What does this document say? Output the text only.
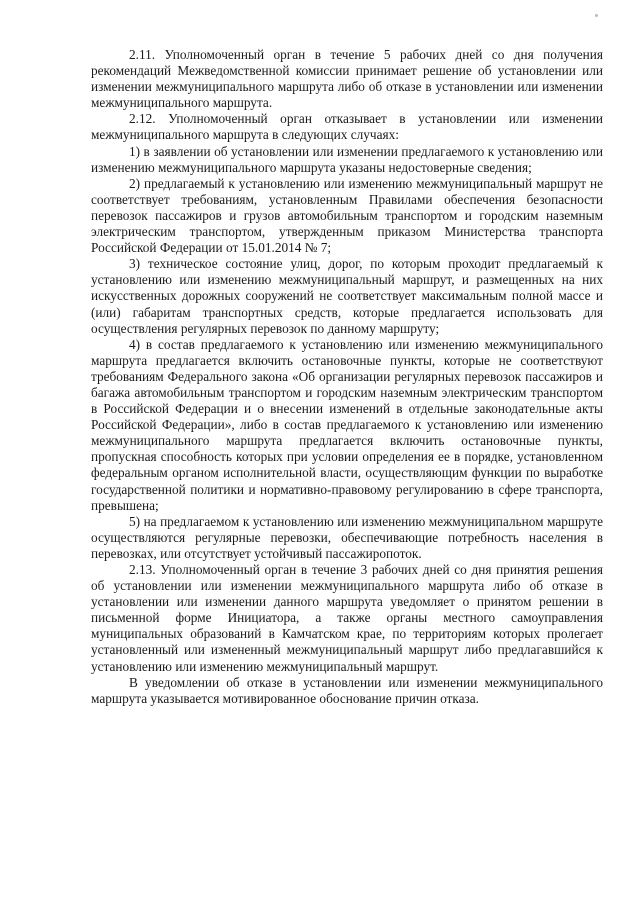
2.11. Уполномоченный орган в течение 5 рабочих дней со дня получения рекомендаций Межведомственной комиссии принимает решение об установлении или изменении межмуниципального маршрута либо об отказе в установлении или изменении межмуниципального маршрута.

2.12. Уполномоченный орган отказывает в установлении или изменении межмуниципального маршрута в следующих случаях:

1) в заявлении об установлении или изменении предлагаемого к установлению или изменению межмуниципального маршрута указаны недостоверные сведения;

2) предлагаемый к установлению или изменению межмуниципальный маршрут не соответствует требованиям, установленным Правилами обеспечения безопасности перевозок пассажиров и грузов автомобильным транспортом и городским наземным электрическим транспортом, утвержденным приказом Министерства транспорта Российской Федерации от 15.01.2014 № 7;

3) техническое состояние улиц, дорог, по которым проходит предлагаемый к установлению или изменению межмуниципальный маршрут, и размещенных на них искусственных дорожных сооружений не соответствует максимальным полной массе и (или) габаритам транспортных средств, которые предлагается использовать для осуществления регулярных перевозок по данному маршруту;

4) в состав предлагаемого к установлению или изменению межмуниципального маршрута предлагается включить остановочные пункты, которые не соответствуют требованиям Федерального закона «Об организации регулярных перевозок пассажиров и багажа автомобильным транспортом и городским наземным электрическим транспортом в Российской Федерации и о внесении изменений в отдельные законодательные акты Российской Федерации», либо в состав предлагаемого к установлению или изменению межмуниципального маршрута предлагается включить остановочные пункты, пропускная способность которых при условии определения ее в порядке, установленном федеральным органом исполнительной власти, осуществляющим функции по выработке государственной политики и нормативно-правовому регулированию в сфере транспорта, превышена;

5) на предлагаемом к установлению или изменению межмуниципальном маршруте осуществляются регулярные перевозки, обеспечивающие потребность населения в перевозках, или отсутствует устойчивый пассажиропоток.

2.13. Уполномоченный орган в течение 3 рабочих дней со дня принятия решения об установлении или изменении межмуниципального маршрута либо об отказе в установлении или изменении данного маршрута уведомляет о принятом решении в письменной форме Инициатора, а также органы местного самоуправления муниципальных образований в Камчатском крае, по территориям которых пролегает установленный или измененный межмуниципальный маршрут либо предлагавшийся к установлению или изменению межмуниципальный маршрут.

В уведомлении об отказе в установлении или изменении межмуниципального маршрута указывается мотивированное обоснование причин отказа.
